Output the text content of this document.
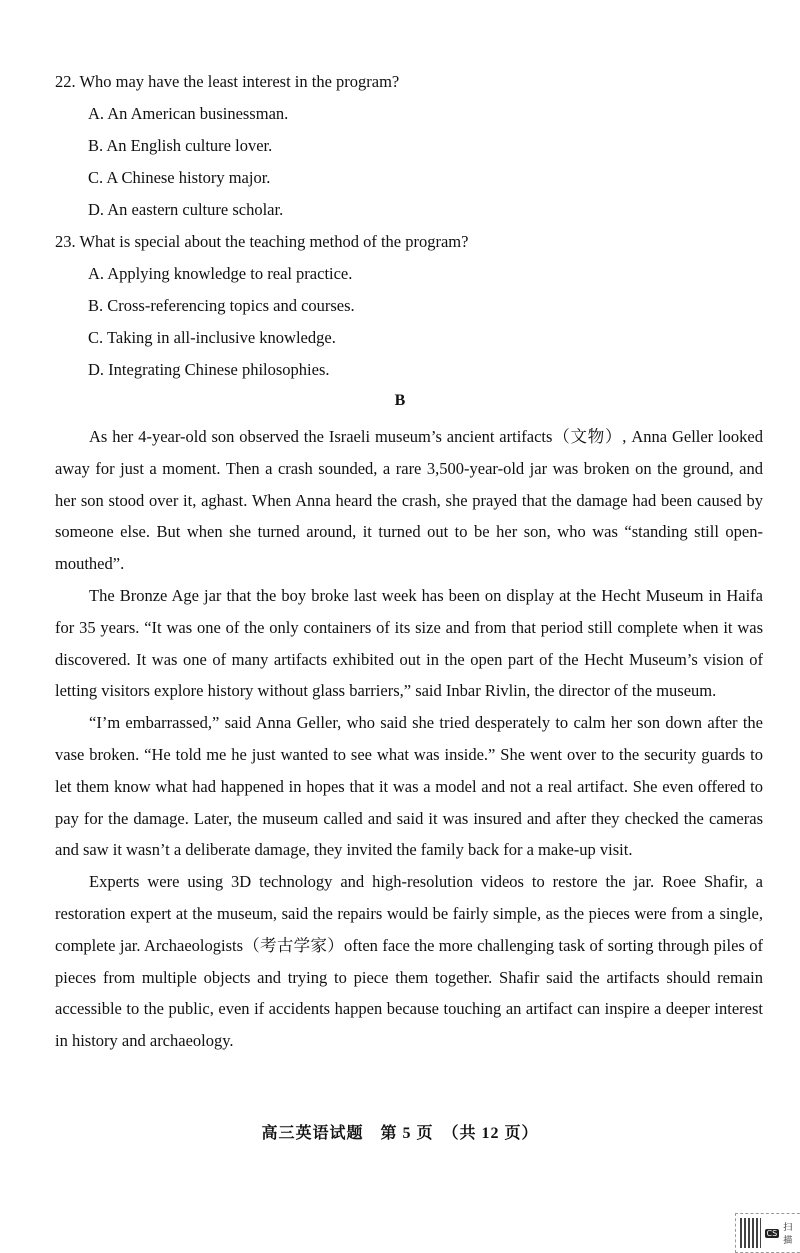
22. Who may have the least interest in the program?
A. An American businessman.
B. An English culture lover.
C. A Chinese history major.
D. An eastern culture scholar.
23. What is special about the teaching method of the program?
A. Applying knowledge to real practice.
B. Cross-referencing topics and courses.
C. Taking in all-inclusive knowledge.
D. Integrating Chinese philosophies.
B

As her 4-year-old son observed the Israeli museum’s ancient artifacts（文物）, Anna Geller looked away for just a moment. Then a crash sounded, a rare 3,500-year-old jar was broken on the ground, and her son stood over it, aghast. When Anna heard the crash, she prayed that the damage had been caused by someone else. But when she turned around, it turned out to be her son, who was “standing still open-mouthed”.

The Bronze Age jar that the boy broke last week has been on display at the Hecht Museum in Haifa for 35 years. “It was one of the only containers of its size and from that period still complete when it was discovered. It was one of many artifacts exhibited out in the open part of the Hecht Museum’s vision of letting visitors explore history without glass barriers,” said Inbar Rivlin, the director of the museum.

“I’m embarrassed,” said Anna Geller, who said she tried desperately to calm her son down after the vase broken. “He told me he just wanted to see what was inside.” She went over to the security guards to let them know what had happened in hopes that it was a model and not a real artifact. She even offered to pay for the damage. Later, the museum called and said it was insured and after they checked the cameras and saw it wasn’t a deliberate damage, they invited the family back for a make-up visit.

Experts were using 3D technology and high-resolution videos to restore the jar. Roee Shafir, a restoration expert at the museum, said the repairs would be fairly simple, as the pieces were from a single, complete jar. Archaeologists（考古学家）often face the more challenging task of sorting through piles of pieces from multiple objects and trying to piece them together. Shafir said the artifacts should remain accessible to the public, even if accidents happen because touching an artifact can inspire a deeper interest in history and archaeology.

高三英语试题　第 5 页　（共 12 页）
CS 扫描
